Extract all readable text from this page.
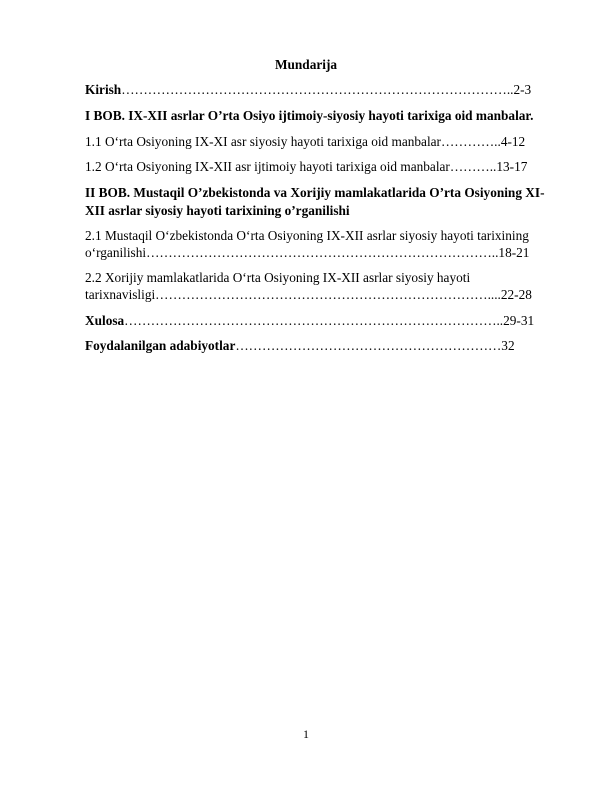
Mundarija
Kirish……………………………………………………………………………..2-3
I BOB. IX-XII asrlar O’rta Osiyo ijtimoiy-siyosiy hayoti tarixiga oid manbalar.
1.1 O‘rta Osiyoning IX-XI asr siyosiy hayoti tarixiga oid manbalar…………..4-12
1.2 O‘rta Osiyoning IX-XII asr ijtimoiy hayoti tarixiga oid manbalar………..13-17
II BOB. Mustaqil O’zbekistonda va Xorijiy mamlakatlarida O’rta Osiyoning XI-
XII asrlar siyosiy hayoti tarixining o’rganilishi
2.1 Mustaqil O‘zbekistonda O‘rta Osiyoning IX-XII asrlar siyosiy hayoti tarixining
o‘rganilishi……………………………………………………………………..18-21
2.2 Xorijiy mamlakatlarida O‘rta Osiyoning IX-XII asrlar siyosiy hayoti
tarixnavisligi…………………………………………………………………....22-28
Xulosa…………………………………………………………………………..29-31
Foydalanilgan adabiyotlar……………………………………………………32
1
